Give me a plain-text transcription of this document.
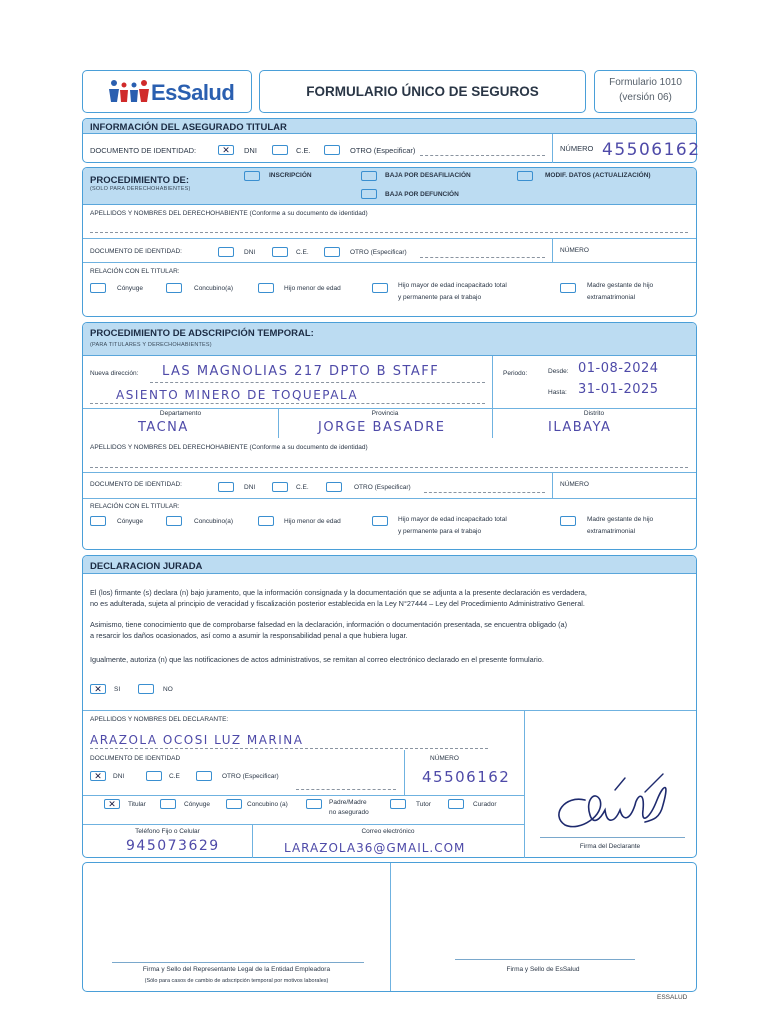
EsSalud	FORMULARIO ÚNICO DE SEGUROS
Formulario 1010
(versión 06)
INFORMACIÓN DEL ASEGURADO TITULAR
DOCUMENTO DE IDENTIDAD:	✕	DNI	C.E.	OTRO (Especificar)	NÚMERO 45506162
PROCEDIMIENTO DE:
(SOLO PARA DERECHOHABIENTES)
INSCRIPCIÓN	BAJA POR DESAFILIACIÓN	MODIF. DATOS (ACTUALIZACIÓN)
BAJA POR DEFUNCIÓN
APELLIDOS Y NOMBRES DEL DERECHOHABIENTE (Conforme a su documento de identidad)
DOCUMENTO DE IDENTIDAD:	DNI	C.E.	OTRO (Especificar)	NÚMERO
RELACIÓN CON EL TITULAR:
Cónyuge	Concubino(a)	Hijo menor de edad	Hijo mayor de edad incapacitado total
y permanente para el trabajo
Madre gestante de hijo
extramatrimonial
PROCEDIMIENTO DE ADSCRIPCIÓN TEMPORAL:
(PARA TITULARES Y DERECHOHABIENTES)
Nueva dirección: LAS MAGNOLIAS 217 DPTO B STAFF
ASIENTO MINERO DE TOQUEPALA
Periodo:	Desde: 01-08-2024
Hasta: 31-01-2025
Departamento	Provincia	Distrito
TACNA	JORGE BASADRE	ILABAYA
APELLIDOS Y NOMBRES DEL DERECHOHABIENTE (Conforme a su documento de identidad)
DOCUMENTO DE IDENTIDAD:	DNI	C.E.	OTRO (Especificar)	NÚMERO
RELACIÓN CON EL TITULAR:
Cónyuge	Concubino(a)	Hijo menor de edad	Hijo mayor de edad incapacitado total
y permanente para el trabajo
Madre gestante de hijo
extramatrimonial
DECLARACION JURADA
El (los) firmante (s) declara (n) bajo juramento, que la información consignada y la documentación que se adjunta a la presente declaración es verdadera,
no es adulterada, sujeta al principio de veracidad y fiscalización posterior establecida en la Ley N°27444 – Ley del Procedimiento Administrativo General.
Asimismo, tiene conocimiento que de comprobarse falsedad en la declaración, información o documentación presentada, se encuentra obligado (a)
a resarcir los daños ocasionados, así como a asumir la responsabilidad penal a que hubiera lugar.
Igualmente, autoriza (n) que las notificaciones de actos administrativos, se remitan al correo electrónico declarado en el presente formulario.
✕	SI	NO
APELLIDOS Y NOMBRES DEL DECLARANTE:
ARAZOLA OCOSI LUZ MARINA
DOCUMENTO DE IDENTIDAD	NÚMERO
✕	DNI	C.E	OTRO (Especificar)	45506162
✕	Titular	Cónyuge	Concubino (a)	Padre/Madre
no asegurado
Tutor	Curador
Teléfono Fijo o Celular
945073629
Correo electrónico
LARAZOLA36@GMAIL.COM	Firma del Declarante
Firma y Sello del Representante Legal de la Entidad Empleadora
(Sólo para casos de cambio de adscripción temporal por motivos laborales)
Firma y Sello de EsSalud
ESSALUD
